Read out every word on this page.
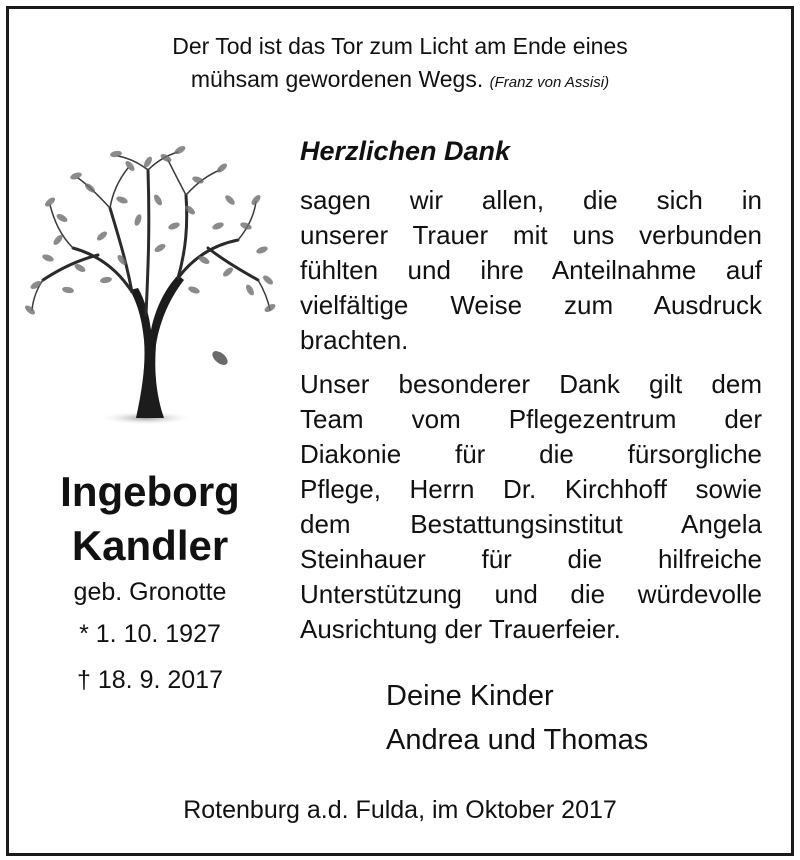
Der Tod ist das Tor zum Licht am Ende eines
mühsam gewordenen Wegs. (Franz von Assisi)
Ingeborg
Kandler
geb. Gronotte
* 1. 10. 1927
† 18. 9. 2017
Herzlichen Dank

sagen wir allen, die sich in
unserer Trauer mit uns verbunden
fühlten und ihre Anteilnahme auf
vielfältige Weise zum Ausdruck
brachten.

Unser besonderer Dank gilt dem
Team vom Pflegezentrum der
Diakonie für die fürsorgliche
Pflege, Herrn Dr. Kirchhoff sowie
dem Bestattungsinstitut Angela
Steinhauer für die hilfreiche
Unterstützung und die würdevolle
Ausrichtung der Trauerfeier.

Deine Kinder
Andrea und Thomas
Rotenburg a.d. Fulda, im Oktober 2017
